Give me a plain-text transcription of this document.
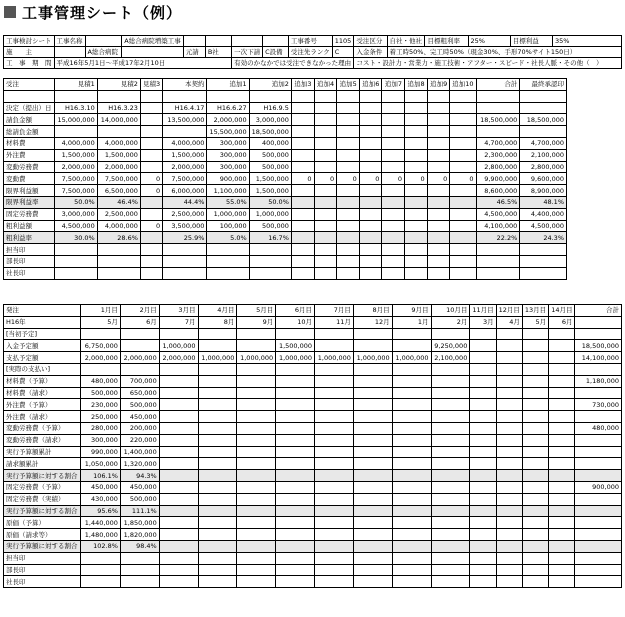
工事管理シート（例）
工事検討シート	工事名称		A総合病院増築工事					工事番号	1105	受注区分	自社・他社	目標粗利率	25%	目標利益	35%
施　　主		A総合病院		元請	B社	一次下請	C設備	受注先ランク	C	入金条件	着工時50%、完工時50%（現金30%、手形70%サイト150日）				
工　事　期　間	平成16年5月1日〜平成17年2月10日					有効のかなかでは受注できなかった理由				コスト・設計力・営業力・施工技術・アフター・スピード・社長人脈・その他（　）					
受注	見積1	見積2	見積3	本契約	追加1	追加2	追加3	追加4	追加5	追加6	追加7	追加8	追加9	追加10	合計	最終承認印

決定（提出）日	H16.3.10	H16.3.23		H16.4.17	H16.6.27	H16.9.5										
請負金額	15,000,000	14,000,000		13,500,000	2,000,000	3,000,000									18,500,000	18,500,000
総請負金額					15,500,000	18,500,000										
材料費	4,000,000	4,000,000		4,000,000	300,000	400,000									4,700,000	4,700,000
外注費	1,500,000	1,500,000		1,500,000	300,000	500,000									2,300,000	2,100,000
変動労務費	2,000,000	2,000,000		2,000,000	300,000	500,000									2,800,000	2,800,000
変動費	7,500,000	7,500,000	0	7,500,000	900,000	1,500,000	0	0	0	0	0	0	0	0	9,900,000	9,600,000
限界利益額	7,500,000	6,500,000	0	6,000,000	1,100,000	1,500,000									8,600,000	8,900,000
限界利益率	50.0%	46.4%		44.4%	55.0%	50.0%									46.5%	48.1%
固定労務費	3,000,000	2,500,000		2,500,000	1,000,000	1,000,000									4,500,000	4,400,000
粗利益額	4,500,000	4,000,000	0	3,500,000	100,000	500,000									4,100,000	4,500,000
粗利益率	30.0%	28.6%		25.9%	5.0%	16.7%									22.2%	24.3%
担当印																
部長印																
社長印																
発注	1月目	2月目	3月目	4月目	5月目	6月目	7月目	8月目	9月目	10月目	11月目	12月目	13月目	14月目	合計
H16年	5月	6月	7月	8月	9月	10月	11月	12月	1月	2月	3月	4月	5月	6月	
[当初予定]															
入金予定額	6,750,000		1,000,000			1,500,000				9,250,000					18,500,000
支払予定額	2,000,000	2,000,000	2,000,000	1,000,000	1,000,000	1,000,000	1,000,000	1,000,000	1,000,000	2,100,000					14,100,000
[実際の支払い]															
材料費（予算）	480,000	700,000													1,180,000
材料費（請求）	500,000	650,000													
外注費（予算）	230,000	500,000													730,000
外注費（請求）	250,000	450,000													
変動労務費（予算）	280,000	200,000													480,000
変動労務費（請求）	300,000	220,000													
実行予算額累計	990,000	1,400,000													
請求額累計	1,050,000	1,320,000													
実行予算額に対する割合	106.1%	94.3%													
固定労務費（予算）	450,000	450,000													900,000
固定労務費（実績）	430,000	500,000													
実行予算額に対する割合	95.6%	111.1%													
原価（予算）	1,440,000	1,850,000													
原価（請求等）	1,480,000	1,820,000													
実行予算額に対する割合	102.8%	98.4%													
担当印															
部長印															
社長印															
